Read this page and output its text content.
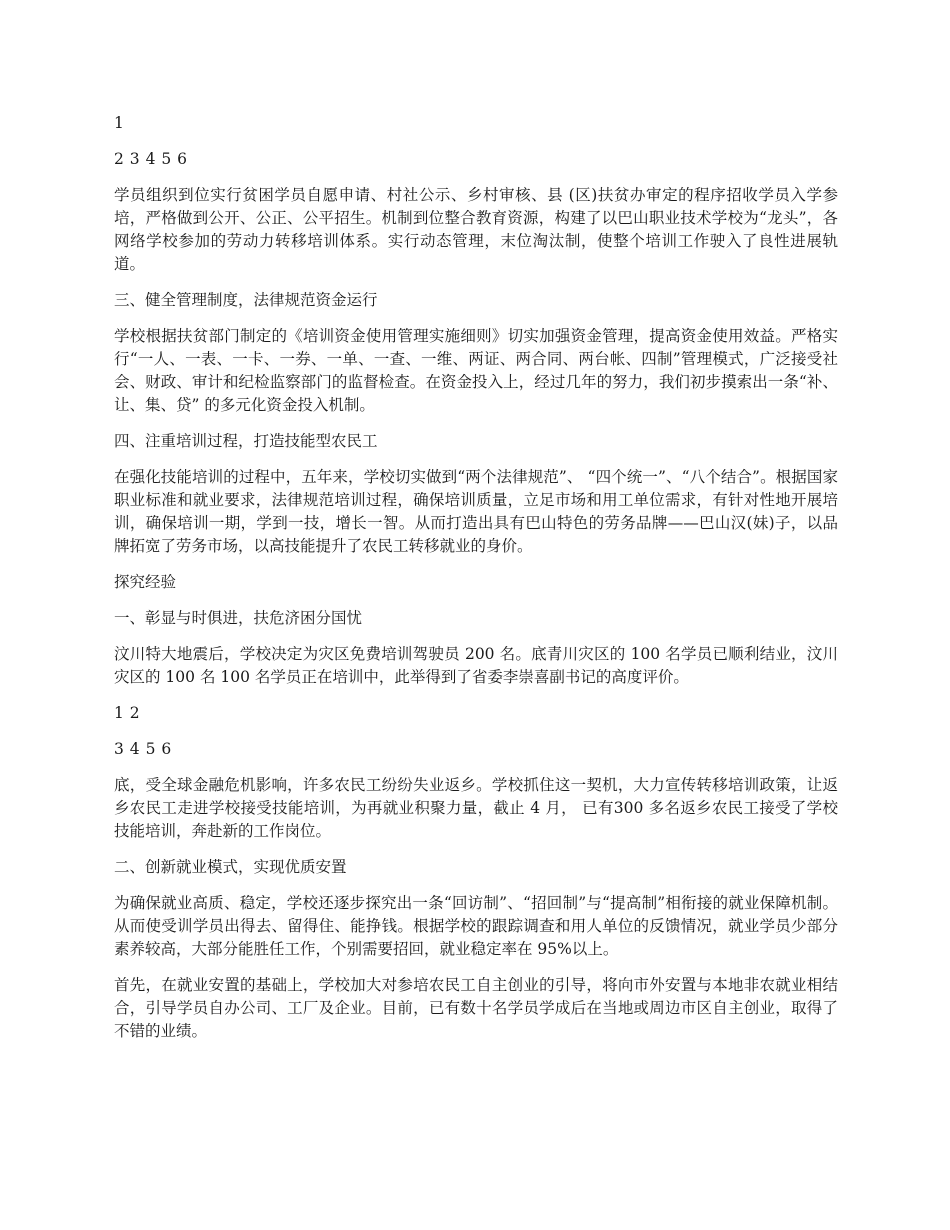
1

2 3 4 5 6

学员组织到位实行贫困学员自愿申请、村社公示、乡村审核、县 (区)扶贫办审定的程序招收学员入学参培，严格做到公开、公正、公平招生。机制到位整合教育资源，构建了以巴山职业技术学校为“龙头”，各网络学校参加的劳动力转移培训体系。实行动态管理，末位淘汰制，使整个培训工作驶入了良性进展轨道。

三、健全管理制度，法律规范资金运行

学校根据扶贫部门制定的《培训资金使用管理实施细则》切实加强资金管理，提高资金使用效益。严格实行“一人、一表、一卡、一券、一单、一查、一维、两证、两合同、两台帐、四制”管理模式，广泛接受社会、财政、审计和纪检监察部门的监督检查。在资金投入上，经过几年的努力，我们初步摸索出一条“补、让、集、贷” 的多元化资金投入机制。

四、注重培训过程，打造技能型农民工

在强化技能培训的过程中，五年来，学校切实做到“两个法律规范”、 “四个统一”、“八个结合”。根据国家职业标准和就业要求，法律规范培训过程，确保培训质量，立足市场和用工单位需求，有针对性地开展培训，确保培训一期，学到一技，增长一智。从而打造出具有巴山特色的劳务品牌——巴山汉(妹)子，以品牌拓宽了劳务市场，以高技能提升了农民工转移就业的身价。

探究经验

一、彰显与时俱进，扶危济困分国忧

汶川特大地震后，学校决定为灾区免费培训驾驶员 200 名。底青川灾区的 100 名学员已顺利结业，汶川灾区的 100 名 100 名学员正在培训中，此举得到了省委李崇喜副书记的高度评价。

1 2

3 4 5 6

底，受全球金融危机影响，许多农民工纷纷失业返乡。学校抓住这一契机，大力宣传转移培训政策，让返乡农民工走进学校接受技能培训，为再就业积聚力量，截止 4 月， 已有300 多名返乡农民工接受了学校技能培训，奔赴新的工作岗位。

二、创新就业模式，实现优质安置

为确保就业高质、稳定，学校还逐步探究出一条“回访制”、“招回制”与“提高制”相衔接的就业保障机制。从而使受训学员出得去、留得住、能挣钱。根据学校的跟踪调查和用人单位的反馈情况，就业学员少部分素养较高，大部分能胜任工作，个别需要招回，就业稳定率在 95%以上。

首先，在就业安置的基础上，学校加大对参培农民工自主创业的引导，将向市外安置与本地非农就业相结合，引导学员自办公司、工厂及企业。目前，已有数十名学员学成后在当地或周边市区自主创业，取得了不错的业绩。
